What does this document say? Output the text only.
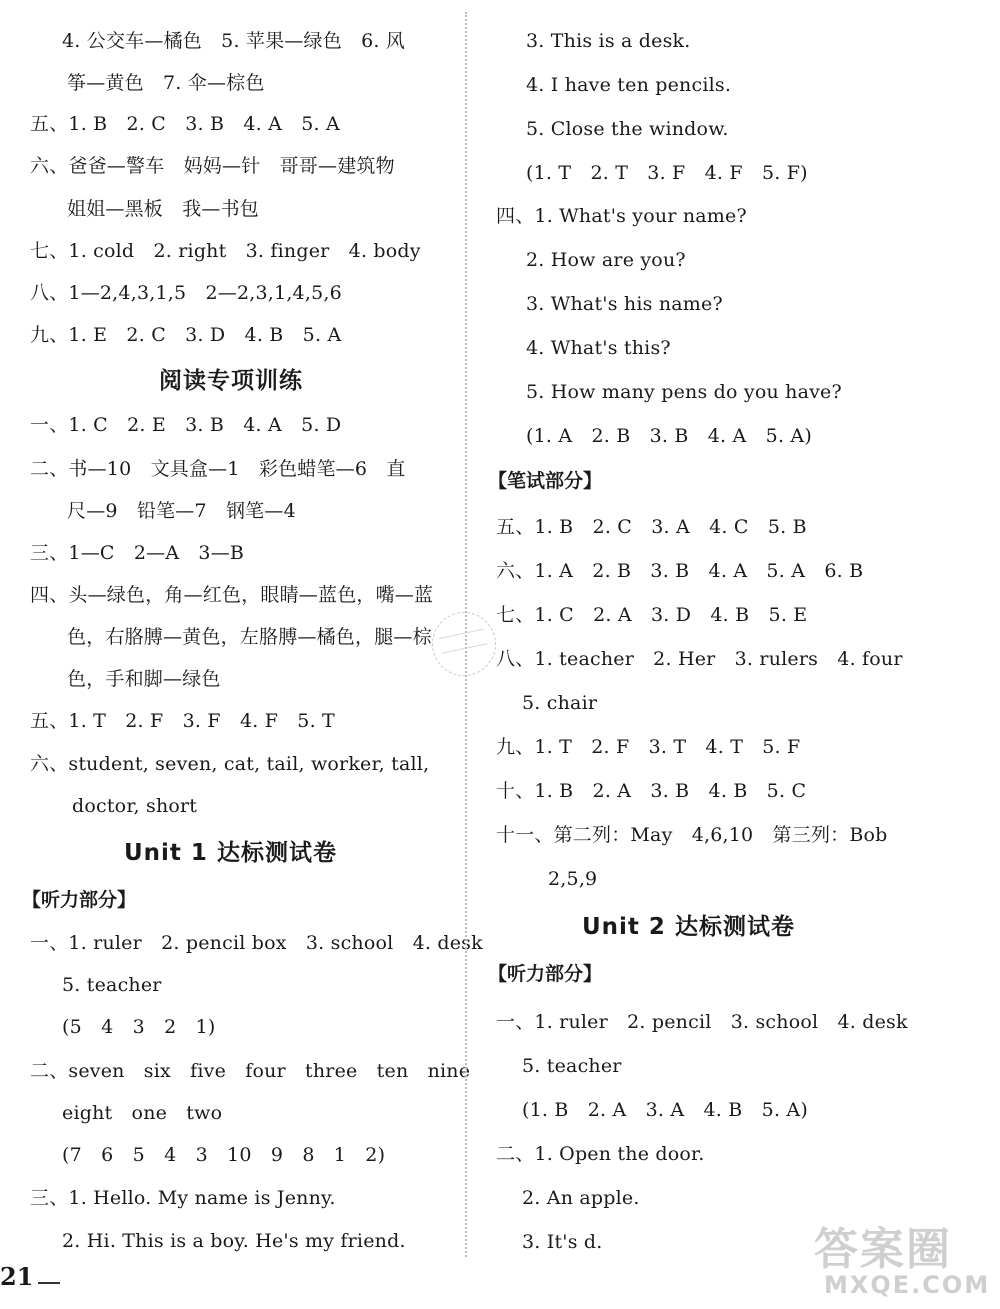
4. 公交车—橘色　5. 苹果—绿色　6. 风
筝—黄色　7. 伞—棕色
五、1. B　2. C　3. B　4. A　5. A
六、爸爸—警车　妈妈—针　哥哥—建筑物
姐姐—黑板　我—书包
七、1. cold　2. right　3. finger　4. body
八、1—2,4,3,1,5　2—2,3,1,4,5,6
九、1. E　2. C　3. D　4. B　5. A
阅读专项训练
一、1. C　2. E　3. B　4. A　5. D
二、书—10　文具盒—1　彩色蜡笔—6　直
尺—9　铅笔—7　钢笔—4
三、1—C　2—A　3—B
四、头—绿色，角—红色，眼睛—蓝色，嘴—蓝
色，右胳膊—黄色，左胳膊—橘色，腿—棕
色，手和脚—绿色
五、1. T　2. F　3. F　4. F　5. T
六、student, seven, cat, tail, worker, tall,
doctor, short
Unit 1 达标测试卷
【听力部分】
一、1. ruler　2. pencil box　3. school　4. desk
5. teacher
(5　4　3　2　1)
二、seven　six　five　four　three　ten　nine
eight　one　two
(7　6　5　4　3　10　9　8　1　2)
三、1. Hello. My name is Jenny.
2. Hi. This is a boy. He's my friend.
3. This is a desk.
4. I have ten pencils.
5. Close the window.
(1. T　2. T　3. F　4. F　5. F)
四、1. What's your name?
2. How are you?
3. What's his name?
4. What's this?
5. How many pens do you have?
(1. A　2. B　3. B　4. A　5. A)
【笔试部分】
五、1. B　2. C　3. A　4. C　5. B
六、1. A　2. B　3. B　4. A　5. A　6. B
七、1. C　2. A　3. D　4. B　5. E
八、1. teacher　2. Her　3. rulers　4. four
5. chair
九、1. T　2. F　3. T　4. T　5. F
十、1. B　2. A　3. B　4. B　5. C
十一、第二列：May　4,6,10　第三列：Bob
2,5,9
Unit 2 达标测试卷
【听力部分】
一、1. ruler　2. pencil　3. school　4. desk
5. teacher
(1. B　2. A　3. A　4. B　5. A)
二、1. Open the door.
2. An apple.
3. It's d.
21
答案圈
MXQE.COM
